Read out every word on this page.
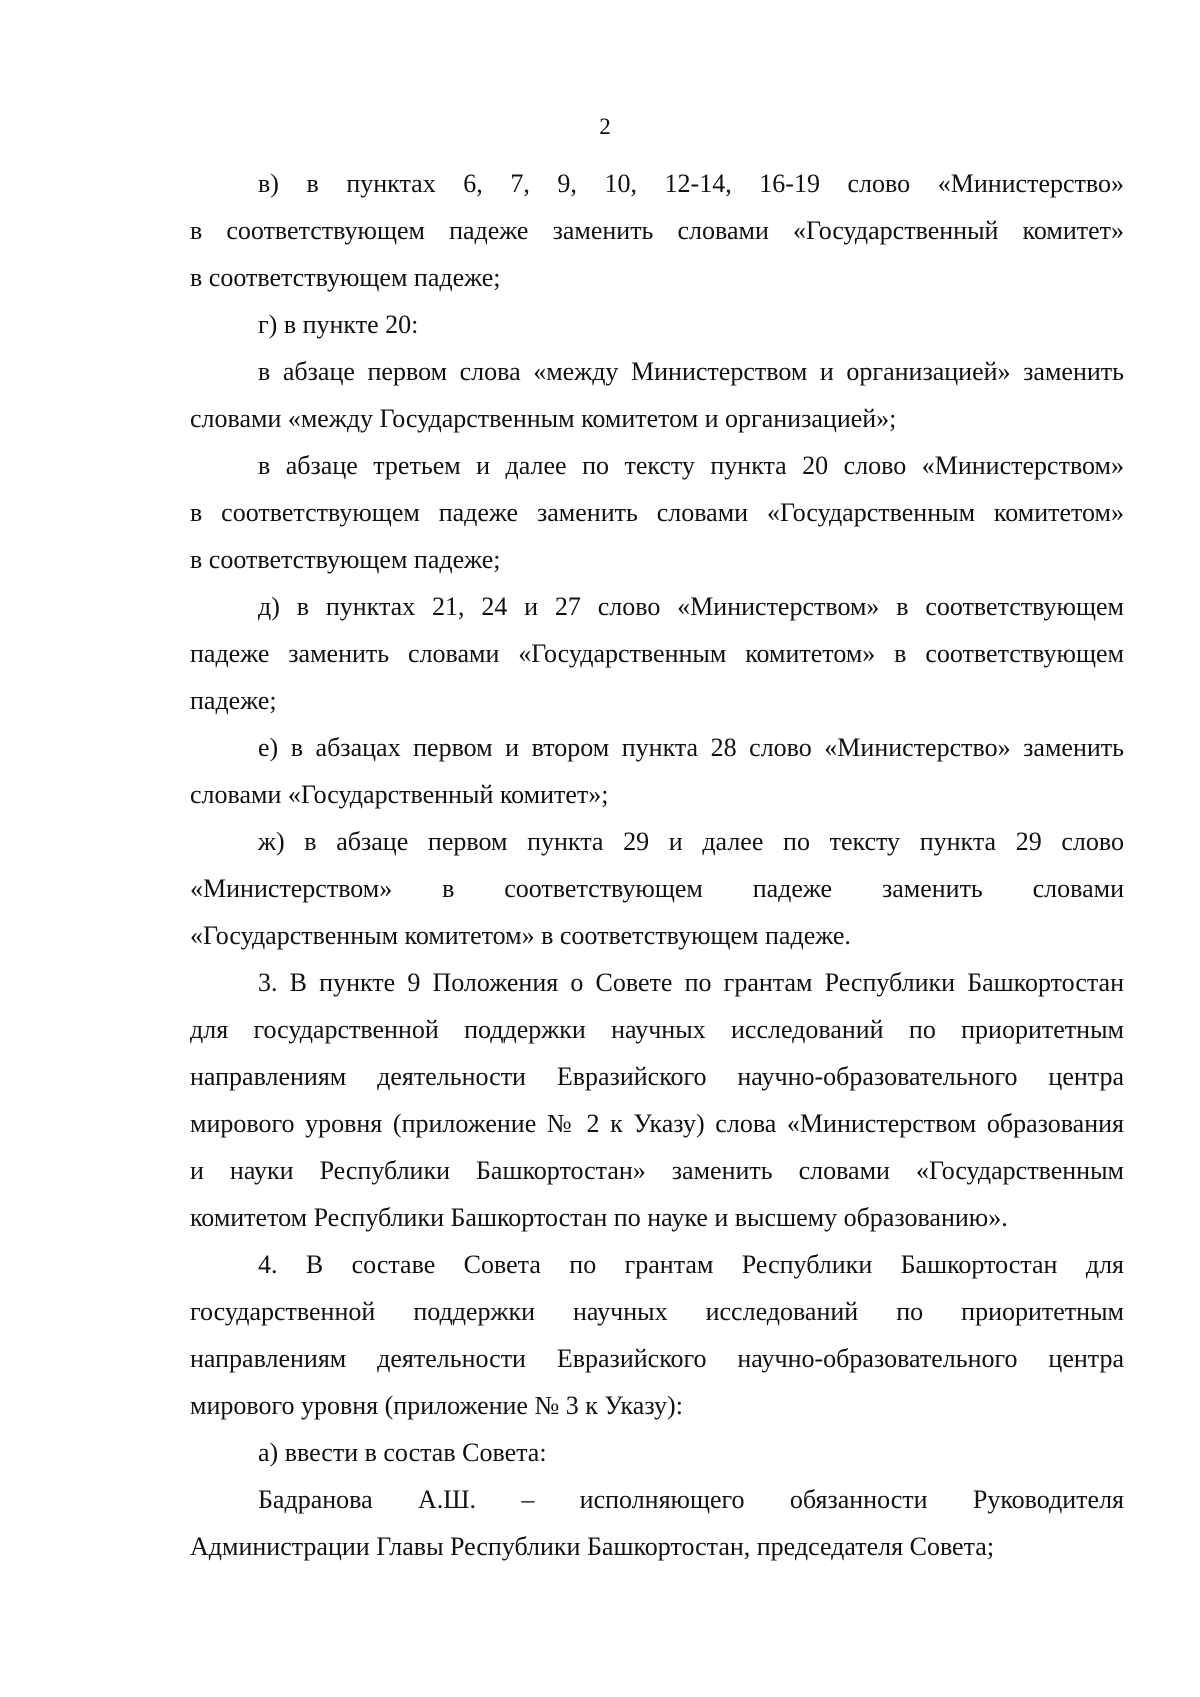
2
в) в пунктах 6, 7, 9, 10, 12-14, 16-19 слово «Министерство»
в соответствующем падеже заменить словами «Государственный комитет»
в соответствующем падеже;
г) в пункте 20:
в абзаце первом слова «между Министерством и организацией» заменить
словами «между Государственным комитетом и организацией»;
в абзаце третьем и далее по тексту пункта 20 слово «Министерством»
в соответствующем падеже заменить словами «Государственным комитетом»
в соответствующем падеже;
д) в пунктах 21, 24 и 27 слово «Министерством» в соответствующем
падеже заменить словами «Государственным комитетом» в соответствующем
падеже;
е) в абзацах первом и втором пункта 28 слово «Министерство» заменить
словами «Государственный комитет»;
ж) в абзаце первом пункта 29 и далее по тексту пункта 29 слово
«Министерством» в соответствующем падеже заменить словами
«Государственным комитетом» в соответствующем падеже.
3. В пункте 9 Положения о Совете по грантам Республики Башкортостан
для государственной поддержки научных исследований по приоритетным
направлениям деятельности Евразийского научно-образовательного центра
мирового уровня (приложение № 2 к Указу) слова «Министерством образования
и науки Республики Башкортостан» заменить словами «Государственным
комитетом Республики Башкортостан по науке и высшему образованию».
4. В составе Совета по грантам Республики Башкортостан для
государственной поддержки научных исследований по приоритетным
направлениям деятельности Евразийского научно-образовательного центра
мирового уровня (приложение № 3 к Указу):
а) ввести в состав Совета:
Бадранова А.Ш. – исполняющего обязанности Руководителя
Администрации Главы Республики Башкортостан, председателя Совета;
